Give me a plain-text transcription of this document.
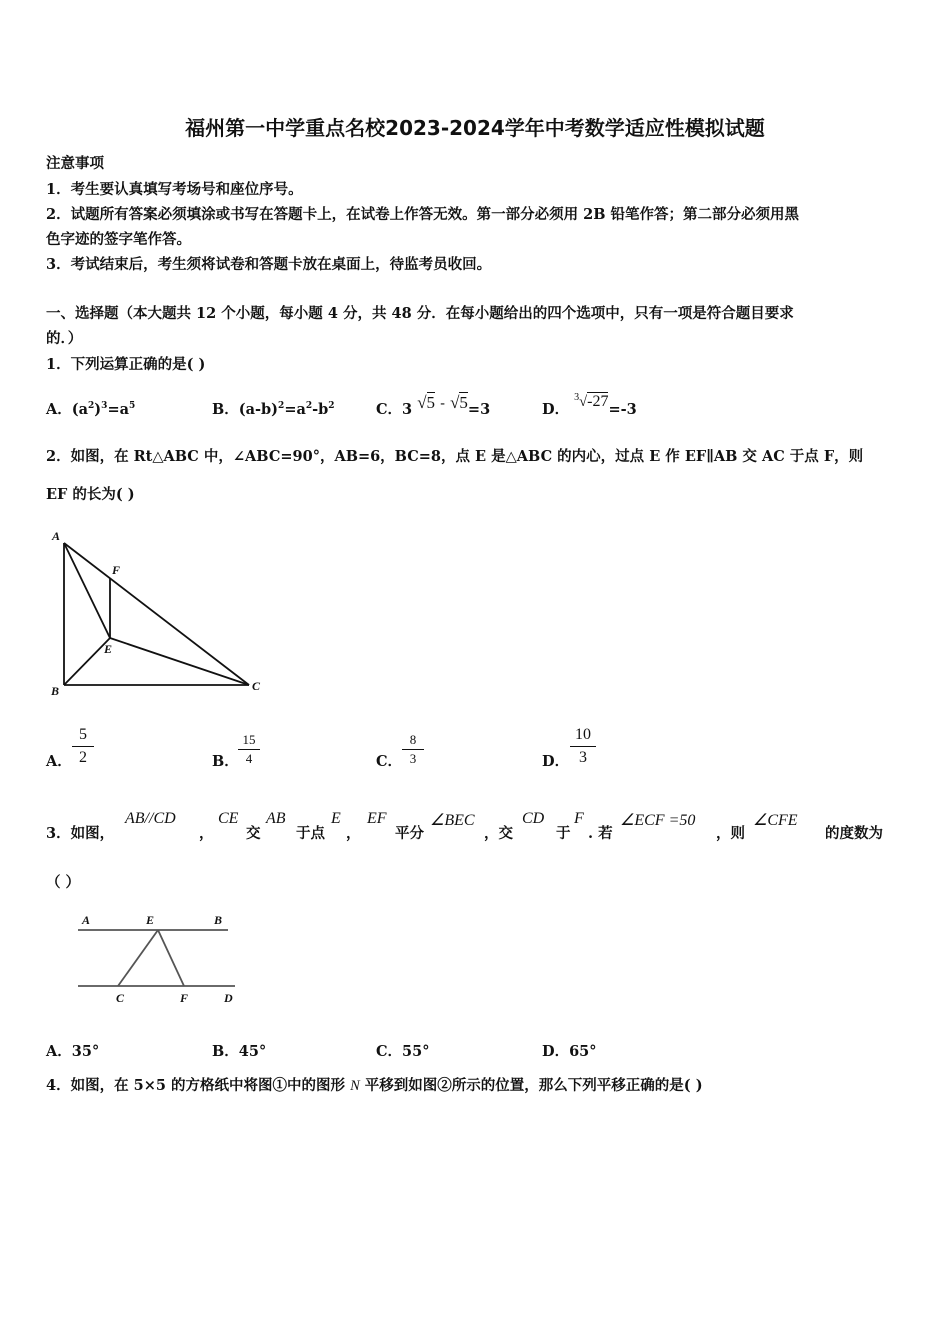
福州第一中学重点名校2023-2024学年中考数学适应性模拟试题
注意事项
1．考生要认真填写考场号和座位序号。
2．试题所有答案必须填涂或书写在答题卡上，在试卷上作答无效。第一部分必须用 2B 铅笔作答；第二部分必须用黑
色字迹的签字笔作答。
3．考试结束后，考生须将试卷和答题卡放在桌面上，待监考员收回。
一、选择题（本大题共 12 个小题，每小题 4 分，共 48 分．在每小题给出的四个选项中，只有一项是符合题目要求
的．）
1．下列运算正确的是( )
A．$(a^2)^3=a^5$	B．$(a-b)^2=a^2-b^2$	C．3 √5 - √5=3	D． $^3$√-27=-3
2．如图，在 Rt△ABC 中，∠ABC=90°，AB=6，BC=8，点 E 是△ABC 的内心，过点 E 作 EF∥AB 交 AC 于点 F，则
EF 的长为( )
A
F
E
B	C
A．
5
2	B．
15
4	C．
8
3	D．
10
3
3．如图，
AB//CD
，
CE
交
AB
于点
E
，
EF
平分
∠BEC
，交
CD
于
F
. 若
∠ECF =50
，则
∠CFE
的度数为
（ ）
A	E	B
C	F	D
A．35°	B．45°	C．55°	D．65°
4．如图，在 5×5 的方格纸中将图①中的图形 N 平移到如图②所示的位置，那么下列平移正确的是( )
